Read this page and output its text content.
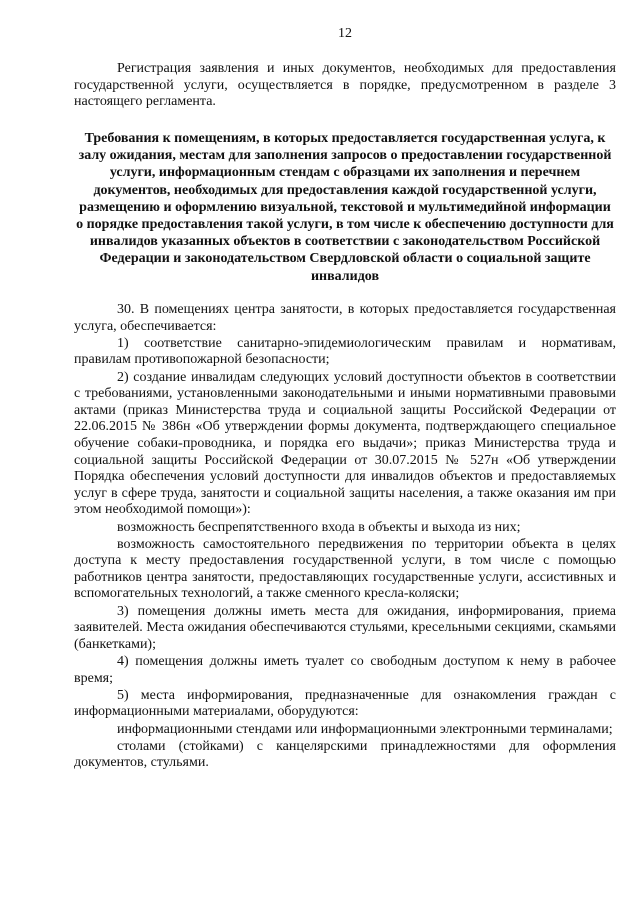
12

Регистрация заявления и иных документов, необходимых для предоставления государственной услуги, осуществляется в порядке, предусмотренном в разделе 3 настоящего регламента.

Требования к помещениям, в которых предоставляется государственная услуга, к залу ожидания, местам для заполнения запросов о предоставлении государственной услуги, информационным стендам с образцами их заполнения и перечнем документов, необходимых для предоставления каждой государственной услуги, размещению и оформлению визуальной, текстовой и мультимедийной информации о порядке предоставления такой услуги, в том числе к обеспечению доступности для инвалидов указанных объектов в соответствии с законодательством Российской Федерации и законодательством Свердловской области о социальной защите инвалидов

30. В помещениях центра занятости, в которых предоставляется государственная услуга, обеспечивается:

1) соответствие санитарно-эпидемиологическим правилам и нормативам, правилам противопожарной безопасности;

2) создание инвалидам следующих условий доступности объектов в соответствии с требованиями, установленными законодательными и иными нормативными правовыми актами (приказ Министерства труда и социальной защиты Российской Федерации от 22.06.2015 № 386н «Об утверждении формы документа, подтверждающего специальное обучение собаки-проводника, и порядка его выдачи»; приказ Министерства труда и социальной защиты Российской Федерации от 30.07.2015 № 527н «Об утверждении Порядка обеспечения условий доступности для инвалидов объектов и предоставляемых услуг в сфере труда, занятости и социальной защиты населения, а также оказания им при этом необходимой помощи»):

возможность беспрепятственного входа в объекты и выхода из них;

возможность самостоятельного передвижения по территории объекта в целях доступа к месту предоставления государственной услуги, в том числе с помощью работников центра занятости, предоставляющих государственные услуги, ассистивных и вспомогательных технологий, а также сменного кресла-коляски;

3) помещения должны иметь места для ожидания, информирования, приема заявителей. Места ожидания обеспечиваются стульями, кресельными секциями, скамьями (банкетками);

4) помещения должны иметь туалет со свободным доступом к нему в рабочее время;

5) места информирования, предназначенные для ознакомления граждан с информационными материалами, оборудуются:

информационными стендами или информационными электронными терминалами;

столами (стойками) с канцелярскими принадлежностями для оформления документов, стульями.
